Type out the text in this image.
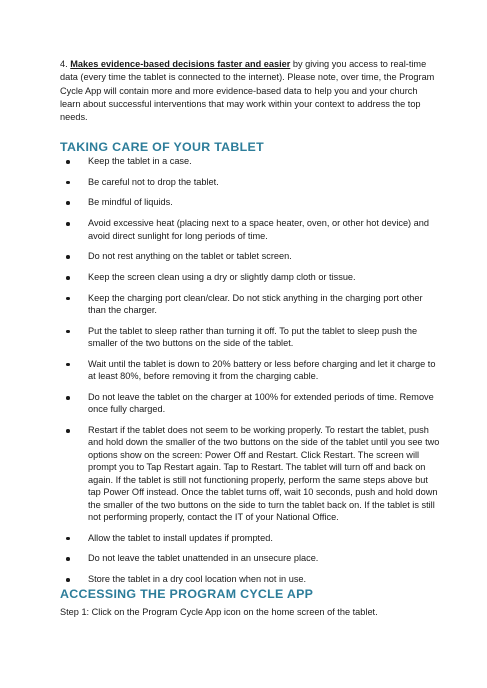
4. Makes evidence-based decisions faster and easier by giving you access to real-time data (every time the tablet is connected to the internet). Please note, over time, the Program Cycle App will contain more and more evidence-based data to help you and your church learn about successful interventions that may work within your context to address the top needs.

TAKING CARE OF YOUR TABLET
Keep the tablet in a case.
Be careful not to drop the tablet.
Be mindful of liquids.
Avoid excessive heat (placing next to a space heater, oven, or other hot device) and avoid direct sunlight for long periods of time.
Do not rest anything on the tablet or tablet screen.
Keep the screen clean using a dry or slightly damp cloth or tissue.
Keep the charging port clean/clear. Do not stick anything in the charging port other than the charger.
Put the tablet to sleep rather than turning it off. To put the tablet to sleep push the smaller of the two buttons on the side of the tablet.
Wait until the tablet is down to 20% battery or less before charging and let it charge to at least 80%, before removing it from the charging cable.
Do not leave the tablet on the charger at 100% for extended periods of time. Remove once fully charged.
Restart if the tablet does not seem to be working properly. To restart the tablet, push and hold down the smaller of the two buttons on the side of the tablet until you see two options show on the screen: Power Off and Restart. Click Restart. The screen will prompt you to Tap Restart again. Tap to Restart. The tablet will turn off and back on again. If the tablet is still not functioning properly, perform the same steps above but tap Power Off instead. Once the tablet turns off, wait 10 seconds, push and hold down the smaller of the two buttons on the side to turn the tablet back on. If the tablet is still not performing properly, contact the IT of your National Office.
Allow the tablet to install updates if prompted.
Do not leave the tablet unattended in an unsecure place.
Store the tablet in a dry cool location when not in use.
ACCESSING THE PROGRAM CYCLE APP

Step 1: Click on the Program Cycle App icon on the home screen of the tablet.
